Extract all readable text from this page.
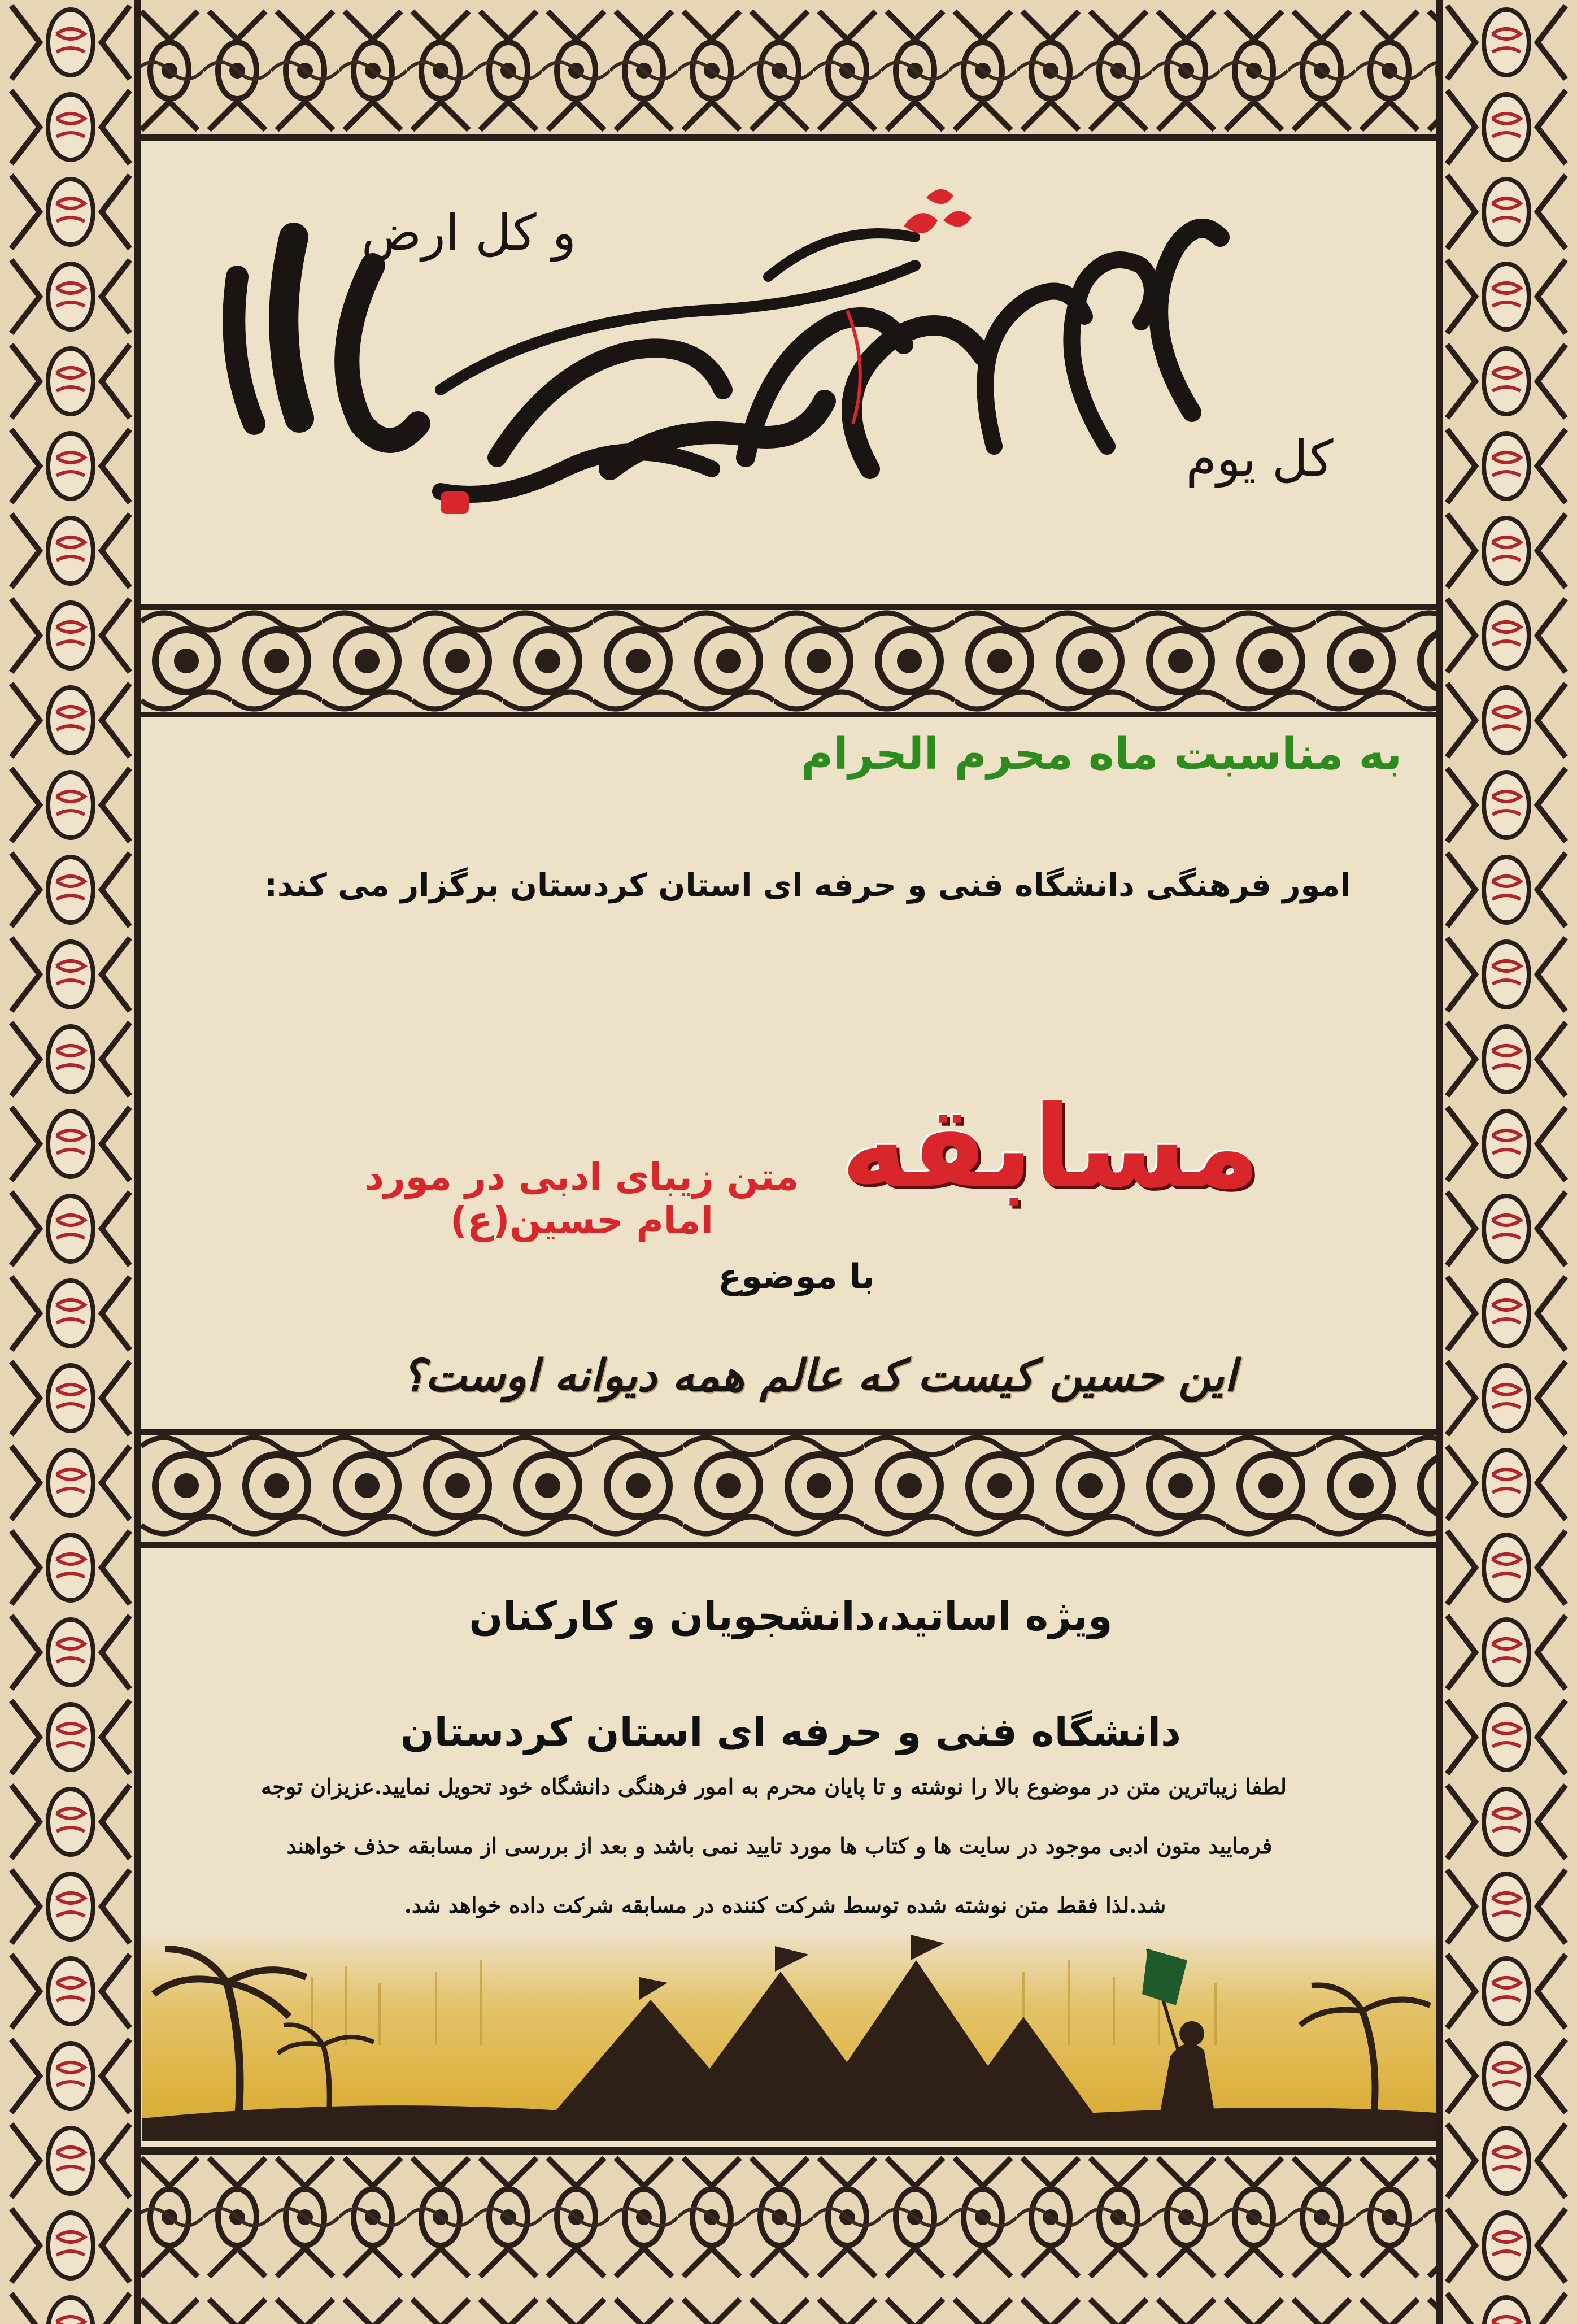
و کل ارض
کل یوم
به مناسبت ماه محرم الحرام
امور فرهنگی دانشگاه فنی و حرفه ای استان کردستان برگزار می کند:
مسابقه
متن زیبای ادبی در مورد امام حسین(ع)
با موضوع
این حسین کیست که عالم همه دیوانه اوست؟
ویژه اساتید،دانشجویان و کارکنان
دانشگاه فنی و حرفه ای استان کردستان
لطفا زیباترین متن در موضوع بالا را نوشته و تا پایان محرم به امور فرهنگی دانشگاه خود تحویل نمایید.عزیزان توجه
فرمایید متون ادبی موجود در سایت ها و کتاب ها مورد تایید نمی باشد و بعد از بررسی از مسابقه حذف خواهند
شد.لذا فقط متن نوشته شده توسط شرکت کننده در مسابقه شرکت داده خواهد شد.
